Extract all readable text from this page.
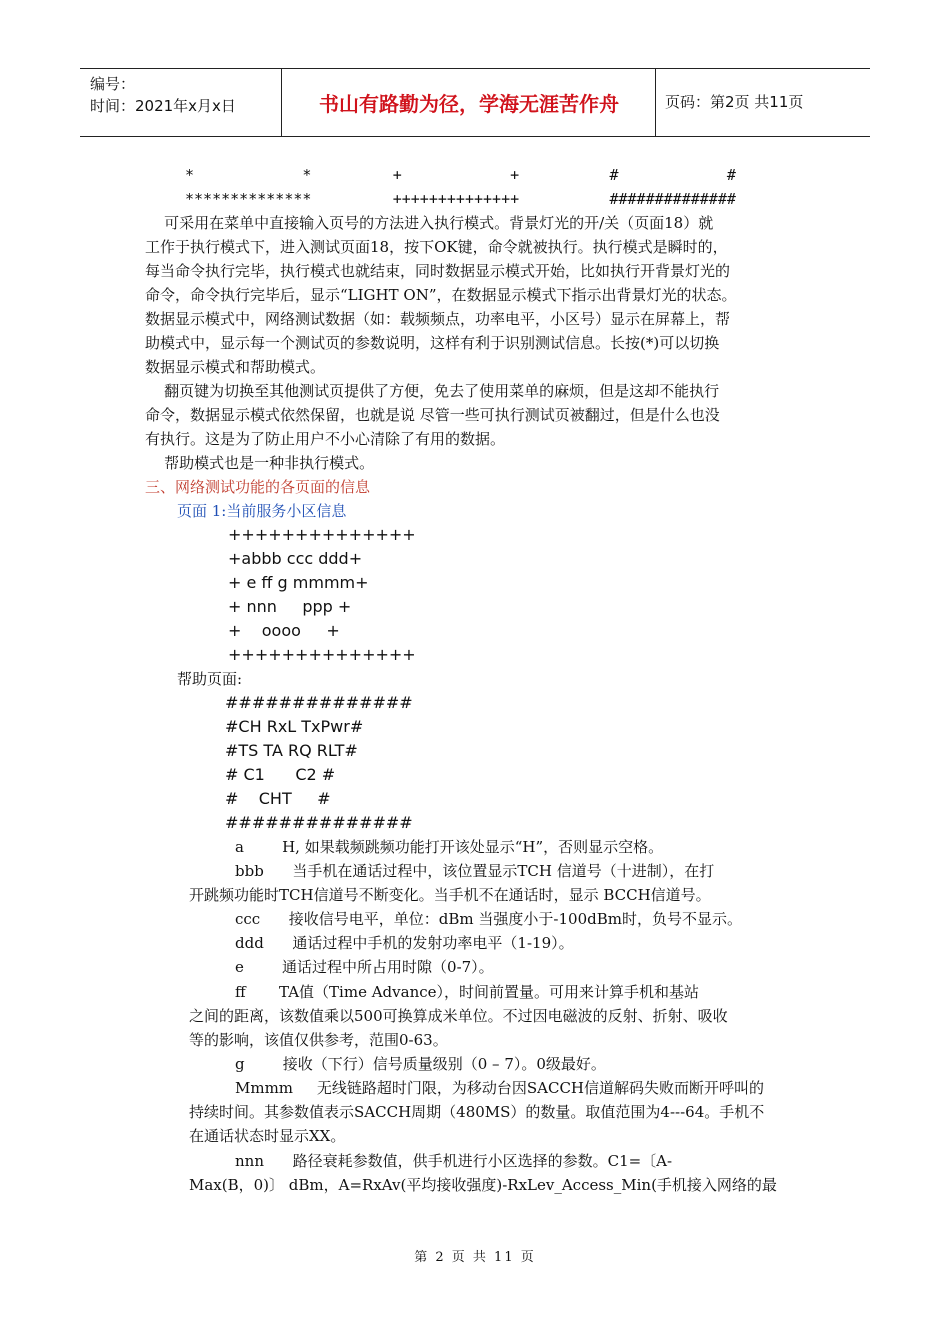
编号：
时间：2021年x月x日	书山有路勤为径，学海无涯苦作舟	页码：第2页 共11页
*            *         +            +          #            #
**************         ++++++++++++++          ##############
可采用在菜单中直接输入页号的方法进入执行模式。背景灯光的开/关（页面18）就
工作于执行模式下，进入测试页面18，按下OK键，命令就被执行。执行模式是瞬时的，
每当命令执行完毕，执行模式也就结束，同时数据显示模式开始，比如执行开背景灯光的
命令，命令执行完毕后，显示“LIGHT ON”，在数据显示模式下指示出背景灯光的状态。
数据显示模式中，网络测试数据（如：载频频点，功率电平，小区号）显示在屏幕上，帮
助模式中，显示每一个测试页的参数说明，这样有利于识别测试信息。长按(*)可以切换
数据显示模式和帮助模式。
翻页键为切换至其他测试页提供了方便，免去了使用菜单的麻烦，但是这却不能执行
命令，数据显示模式依然保留，也就是说 尽管一些可执行测试页被翻过，但是什么也没
有执行。这是为了防止用户不小心清除了有用的数据。
帮助模式也是一种非执行模式。
三、网络测试功能的各页面的信息
页面 1:当前服务小区信息
++++++++++++++
+abbb ccc ddd+
+ e ff g mmmm+
+ nnn     ppp +
+    oooo     +
++++++++++++++
帮助页面:
##############
#CH RxL TxPwr#
#TS TA RQ RLT#
# C1      C2 #
#    CHT     #
##############
a        H, 如果载频跳频功能打开该处显示“H”，否则显示空格。
bbb      当手机在通话过程中，该位置显示TCH 信道号（十进制），在打
开跳频功能时TCH信道号不断变化。当手机不在通话时，显示 BCCH信道号。
ccc      接收信号电平，单位：dBm 当强度小于-100dBm时，负号不显示。
ddd      通话过程中手机的发射功率电平（1-19）。
e        通话过程中所占用时隙（0-7）。
ff       TA值（Time Advance），时间前置量。可用来计算手机和基站
之间的距离，该数值乘以500可换算成米单位。不过因电磁波的反射、折射、吸收
等的影响，该值仅供参考，范围0-63。
g        接收（下行）信号质量级别（0 – 7）。0级最好。
Mmmm     无线链路超时门限，为移动台因SACCH信道解码失败而断开呼叫的
持续时间。其参数值表示SACCH周期（480MS）的数量。取值范围为4---64。手机不
在通话状态时显示XX。
nnn      路径衰耗参数值，供手机进行小区选择的参数。C1=〔A-
Max(B，0)〕 dBm，A=RxAv(平均接收强度)-RxLev_Access_Min(手机接入网络的最
第 2 页 共 11 页
